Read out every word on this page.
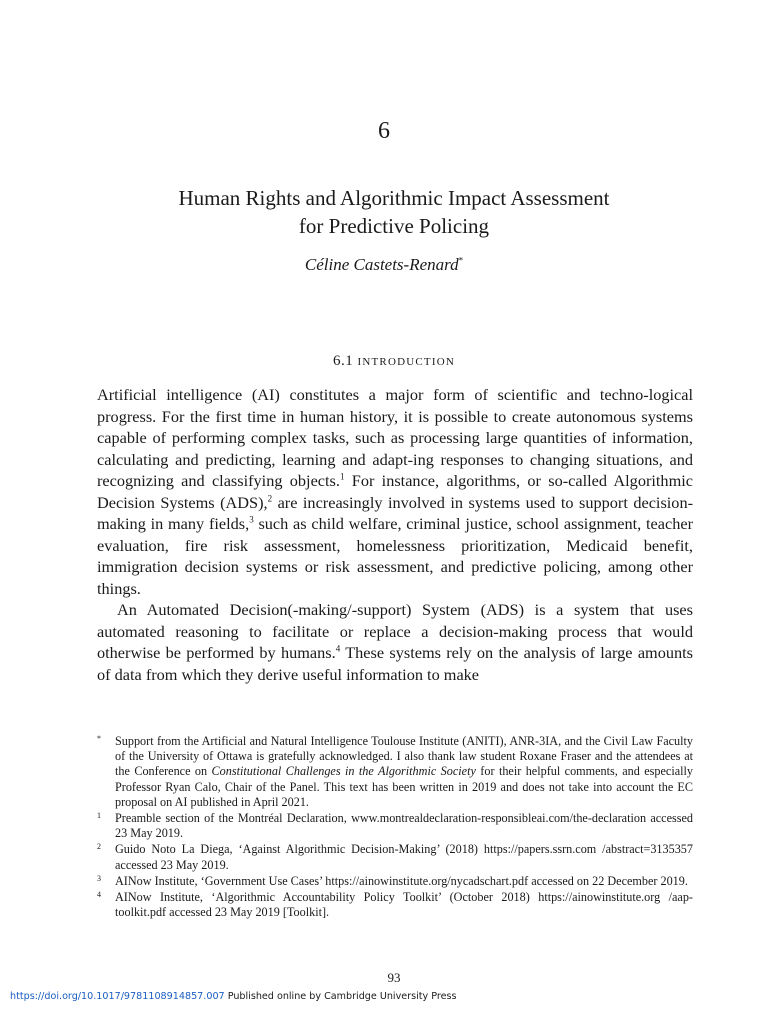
6
Human Rights and Algorithmic Impact Assessment
for Predictive Policing
Céline Castets-Renard*
6.1 introduction

Artificial intelligence (AI) constitutes a major form of scientific and techno-logical progress. For the first time in human history, it is possible to create autonomous systems capable of performing complex tasks, such as processing large quantities of information, calculating and predicting, learning and adapt-ing responses to changing situations, and recognizing and classifying objects.$^1$ For instance, algorithms, or so-called Algorithmic Decision Systems (ADS),$^2$ are increasingly involved in systems used to support decision-making in many fields,$^3$ such as child welfare, criminal justice, school assignment, teacher evaluation, fire risk assessment, homelessness prioritization, Medicaid benefit, immigration decision systems or risk assessment, and predictive policing, among other things.

An Automated Decision(-making/-support) System (ADS) is a system that uses automated reasoning to facilitate or replace a decision-making process that would otherwise be performed by humans.$^4$ These systems rely on the analysis of large amounts of data from which they derive useful information to make

* Support from the Artificial and Natural Intelligence Toulouse Institute (ANITI), ANR-3IA, and the Civil Law Faculty of the University of Ottawa is gratefully acknowledged. I also thank law student Roxane Fraser and the attendees at the Conference on Constitutional Challenges in the Algorithmic Society for their helpful comments, and especially Professor Ryan Calo, Chair of the Panel. This text has been written in 2019 and does not take into account the EC proposal on AI published in April 2021.
1 Preamble section of the Montréal Declaration, www.montrealdeclaration-responsibleai.com/the-declaration accessed 23 May 2019.
2 Guido Noto La Diega, ‘Against Algorithmic Decision-Making’ (2018) https://papers.ssrn.com /abstract=3135357 accessed 23 May 2019.
3 AINow Institute, ‘Government Use Cases’ https://ainowinstitute.org/nycadschart.pdf accessed on 22 December 2019.
4 AINow Institute, ‘Algorithmic Accountability Policy Toolkit’ (October 2018) https://ainowinstitute.org /aap-toolkit.pdf accessed 23 May 2019 [Toolkit].
93
https://doi.org/10.1017/9781108914857.007 Published online by Cambridge University Press
